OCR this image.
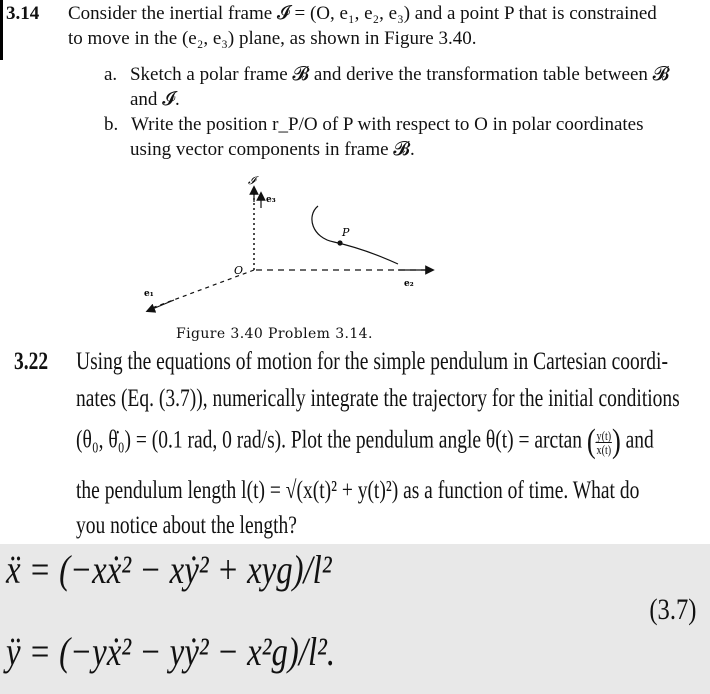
3.14 Consider the inertial frame 𝓘 = (O, e₁, e₂, e₃) and a point P that is constrained
to move in the (e₂, e₃) plane, as shown in Figure 3.40.
a. Sketch a polar frame 𝓑 and derive the transformation table between 𝓑
and 𝓘.
b. Write the position r_P/O of P with respect to O in polar coordinates
using vector components in frame 𝓑.
𝓘
e₃
e₂
e₁
O
P
Figure 3.40 Problem 3.14.
3.22 Using the equations of motion for the simple pendulum in Cartesian coordi-
nates (Eq. (3.7)), numerically integrate the trajectory for the initial conditions
(θ₀, θ̇₀) = (0.1 rad, 0 rad/s). Plot the pendulum angle θ(t) = arctan ( $\frac{y(t)}{x(t)}$ ) and
the pendulum length l(t) = √(x(t)² + y(t)²) as a function of time. What do
you notice about the length?
ẍ = (−xẋ² − xẏ² + xyg)/l²
ÿ = (−yẋ² − yẏ² − x²g)/l².
(3.7)
